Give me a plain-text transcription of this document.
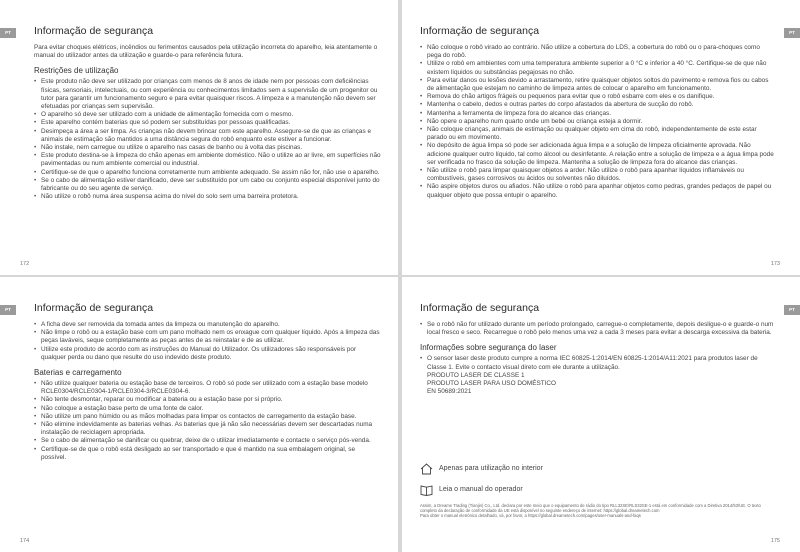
PT	Informação de segurança

Para evitar choques elétricos, incêndios ou ferimentos causados pela utilização incorreta do aparelho, leia atentamente o manual do utilizador antes da utilização e guarde-o para referência futura.

Restrições de utilização
• Este produto não deve ser utilizado por crianças com menos de 8 anos de idade nem por pessoas com deficiências físicas, sensoriais, intelectuais, ou com experiência ou conhecimentos limitados sem a supervisão de um progenitor ou tutor para garantir um funcionamento seguro e para evitar quaisquer riscos. A limpeza e a manutenção não devem ser efetuadas por crianças sem supervisão.
• O aparelho só deve ser utilizado com a unidade de alimentação fornecida com o mesmo.
• Este aparelho contém baterias que só podem ser substituídas por pessoas qualificadas.
• Desimpeça a área a ser limpa. As crianças não devem brincar com este aparelho. Assegure-se de que as crianças e animais de estimação são mantidos a uma distância segura do robô enquanto este estiver a funcionar.
• Não instale, nem carregue ou utilize o aparelho nas casas de banho ou à volta das piscinas.
• Este produto destina-se à limpeza do chão apenas em ambiente doméstico. Não o utilize ao ar livre, em superfícies não pavimentadas ou num ambiente comercial ou industrial.
• Certifique-se de que o aparelho funciona corretamente num ambiente adequado. Se assim não for, não use o aparelho.
• Se o cabo de alimentação estiver danificado, deve ser substituído por um cabo ou conjunto especial disponível junto do fabricante ou do seu agente de serviço.
• Não utilize o robô numa área suspensa acima do nível do solo sem uma barreira protetora.
172
PT
Informação de segurança
• Não coloque o robô virado ao contrário. Não utilize a cobertura do LDS, a cobertura do robô ou o para-choques como pega do robô.
• Utilize o robô em ambientes com uma temperatura ambiente superior a 0 °C e inferior a 40 °C. Certifique-se de que não existem líquidos ou substâncias pegajosas no chão.
• Para evitar danos ou lesões devido a arrastamento, retire quaisquer objetos soltos do pavimento e remova fios ou cabos de alimentação que estejam no caminho de limpeza antes de colocar o aparelho em funcionamento.
• Remova do chão artigos frágeis ou pequenos para evitar que o robô esbarre com eles e os danifique.
• Mantenha o cabelo, dedos e outras partes do corpo afastados da abertura de sucção do robô.
• Mantenha a ferramenta de limpeza fora do alcance das crianças.
• Não opere o aparelho num quarto onde um bebé ou criança esteja a dormir.
• Não coloque crianças, animais de estimação ou qualquer objeto em cima do robô, independentemente de este estar parado ou em movimento.
• No depósito de água limpa só pode ser adicionada água limpa e a solução de limpeza oficialmente aprovada. Não adicione qualquer outro líquido, tal como álcool ou desinfetante. A relação entre a solução de limpeza e a água limpa pode ser verificada no frasco da solução de limpeza. Mantenha a solução de limpeza fora do alcance das crianças.
• Não utilize o robô para limpar quaisquer objetos a arder. Não utilize o robô para apanhar líquidos inflamáveis ou combustíveis, gases corrosivos ou ácidos ou solventes não diluídos.
• Não aspire objetos duros ou afiados. Não utilize o robô para apanhar objetos como pedras, grandes pedaços de papel ou qualquer objeto que possa entupir o aparelho.
173
PT	Informação de segurança
• A ficha deve ser removida da tomada antes da limpeza ou manutenção do aparelho.
• Não limpe o robô ou a estação base com um pano molhado nem os enxague com qualquer líquido. Após a limpeza das peças laváveis, seque completamente as peças antes de as reinstalar e de as utilizar.
• Utilize este produto de acordo com as instruções do Manual do Utilizador. Os utilizadores são responsáveis por qualquer perda ou dano que resulte do uso indevido deste produto.
Baterias e carregamento
• Não utilize qualquer bateria ou estação base de terceiros. O robô só pode ser utilizado com a estação base modelo RCLE0304/RCLE0304-1/RCLE0304-3/RCLE0304-6.
• Não tente desmontar, reparar ou modificar a bateria ou a estação base por si próprio.
• Não coloque a estação base perto de uma fonte de calor.
• Não utilize um pano húmido ou as mãos molhadas para limpar os contactos de carregamento da estação base.
• Não elimine indevidamente as baterias velhas. As baterias que já não são necessárias devem ser descartadas numa instalação de reciclagem apropriada.
• Se o cabo de alimentação se danificar ou quebrar, deixe de o utilizar imediatamente e contacte o serviço pós-venda.
• Certifique-se de que o robô está desligado ao ser transportado e que é mantido na sua embalagem original, se possível.
174
PT
Informação de segurança
• Se o robô não for utilizado durante um período prolongado, carregue-o completamente, depois desligue-o e guarde-o num local fresco e seco. Recarregue o robô pelo menos uma vez a cada 3 meses para evitar a descarga excessiva da bateria.
Informações sobre segurança do laser
• O sensor laser deste produto cumpre a norma IEC 60825-1:2014/EN 60825-1:2014/A11:2021 para produtos laser de Classe 1. Evite o contacto visual direto com ele durante a utilização.
PRODUTO LASER DE CLASSE 1
PRODUTO LASER PARA USO DOMÉSTICO
EN 50689:2021
Apenas para utilização no interior
Leia o manual do operador
Assim, a Dreame Trading (Tianjin) Co., Ltd. declara por este meio que o equipamento de rádio do tipo RLL32SE/RLS32SE-1 está em conformidade com a Diretiva 2014/53/UE. O texto completo da declaração de conformidade da UE está disponível no seguinte endereço de internet: https://global.dreametech.com
Para obter o manual eletrónico detalhado, vá, por favor, a https://global.dreametech.com/pages/user-manuals-and-faqs
175
